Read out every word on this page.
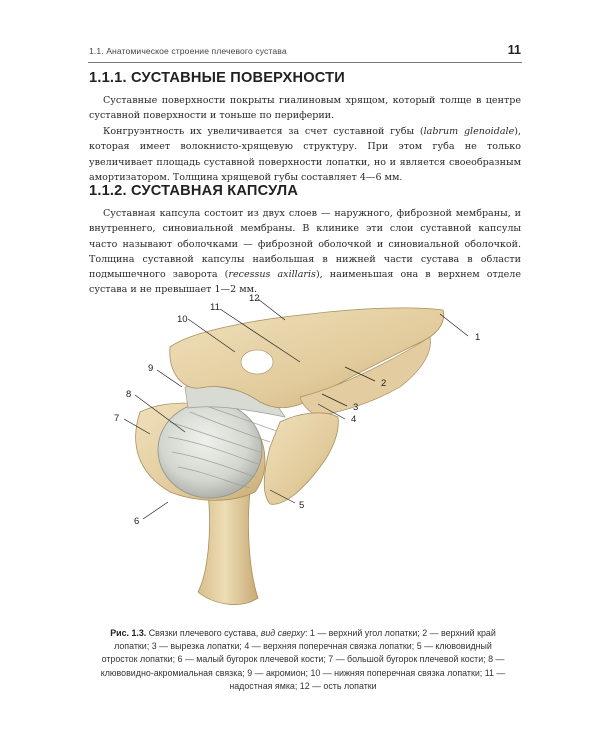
1.1. Анатомическое строение плечевого сустава	11
1.1.1. СУСТАВНЫЕ ПОВЕРХНОСТИ

Суставные поверхности покрыты гиалиновым хрящом, который толще в центре суставной поверхности и тоньше по периферии.

Конгруэнтность их увеличивается за счет суставной губы (labrum glenoidale), которая имеет волокнисто-хрящевую структуру. При этом губа не только увеличивает площадь суставной поверхности лопатки, но и является своеобразным амортизатором. Толщина хрящевой губы составляет 4—6 мм.

1.1.2. СУСТАВНАЯ КАПСУЛА

Суставная капсула состоит из двух слоев — наружного, фиброзной мембраны, и внутреннего, синовиальной мембраны. В клинике эти слои суставной капсулы часто называют оболочками — фиброзной оболочкой и синовиальной оболочкой. Толщина суставной капсулы наибольшая в нижней части сустава в области подмышечного заворота (recessus axillaris), наименьшая она в верхнем отделе сустава и не превышает 1—2 мм.

1
2
3
4
5
6
7
8
9
10
11
12
Рис. 1.3. Связки плечевого сустава, вид сверху: 1 — верхний угол лопатки; 2 — верхний край лопатки; 3 — вырезка лопатки; 4 — верхняя поперечная связка лопатки; 5 — клювовидный отросток лопатки; 6 — малый бугорок плечевой кости; 7 — большой бугорок плечевой кости; 8 — клювовидно-акромиальная связка; 9 — акромион; 10 — нижняя поперечная связка лопатки; 11 — надостная ямка; 12 — ость лопатки
